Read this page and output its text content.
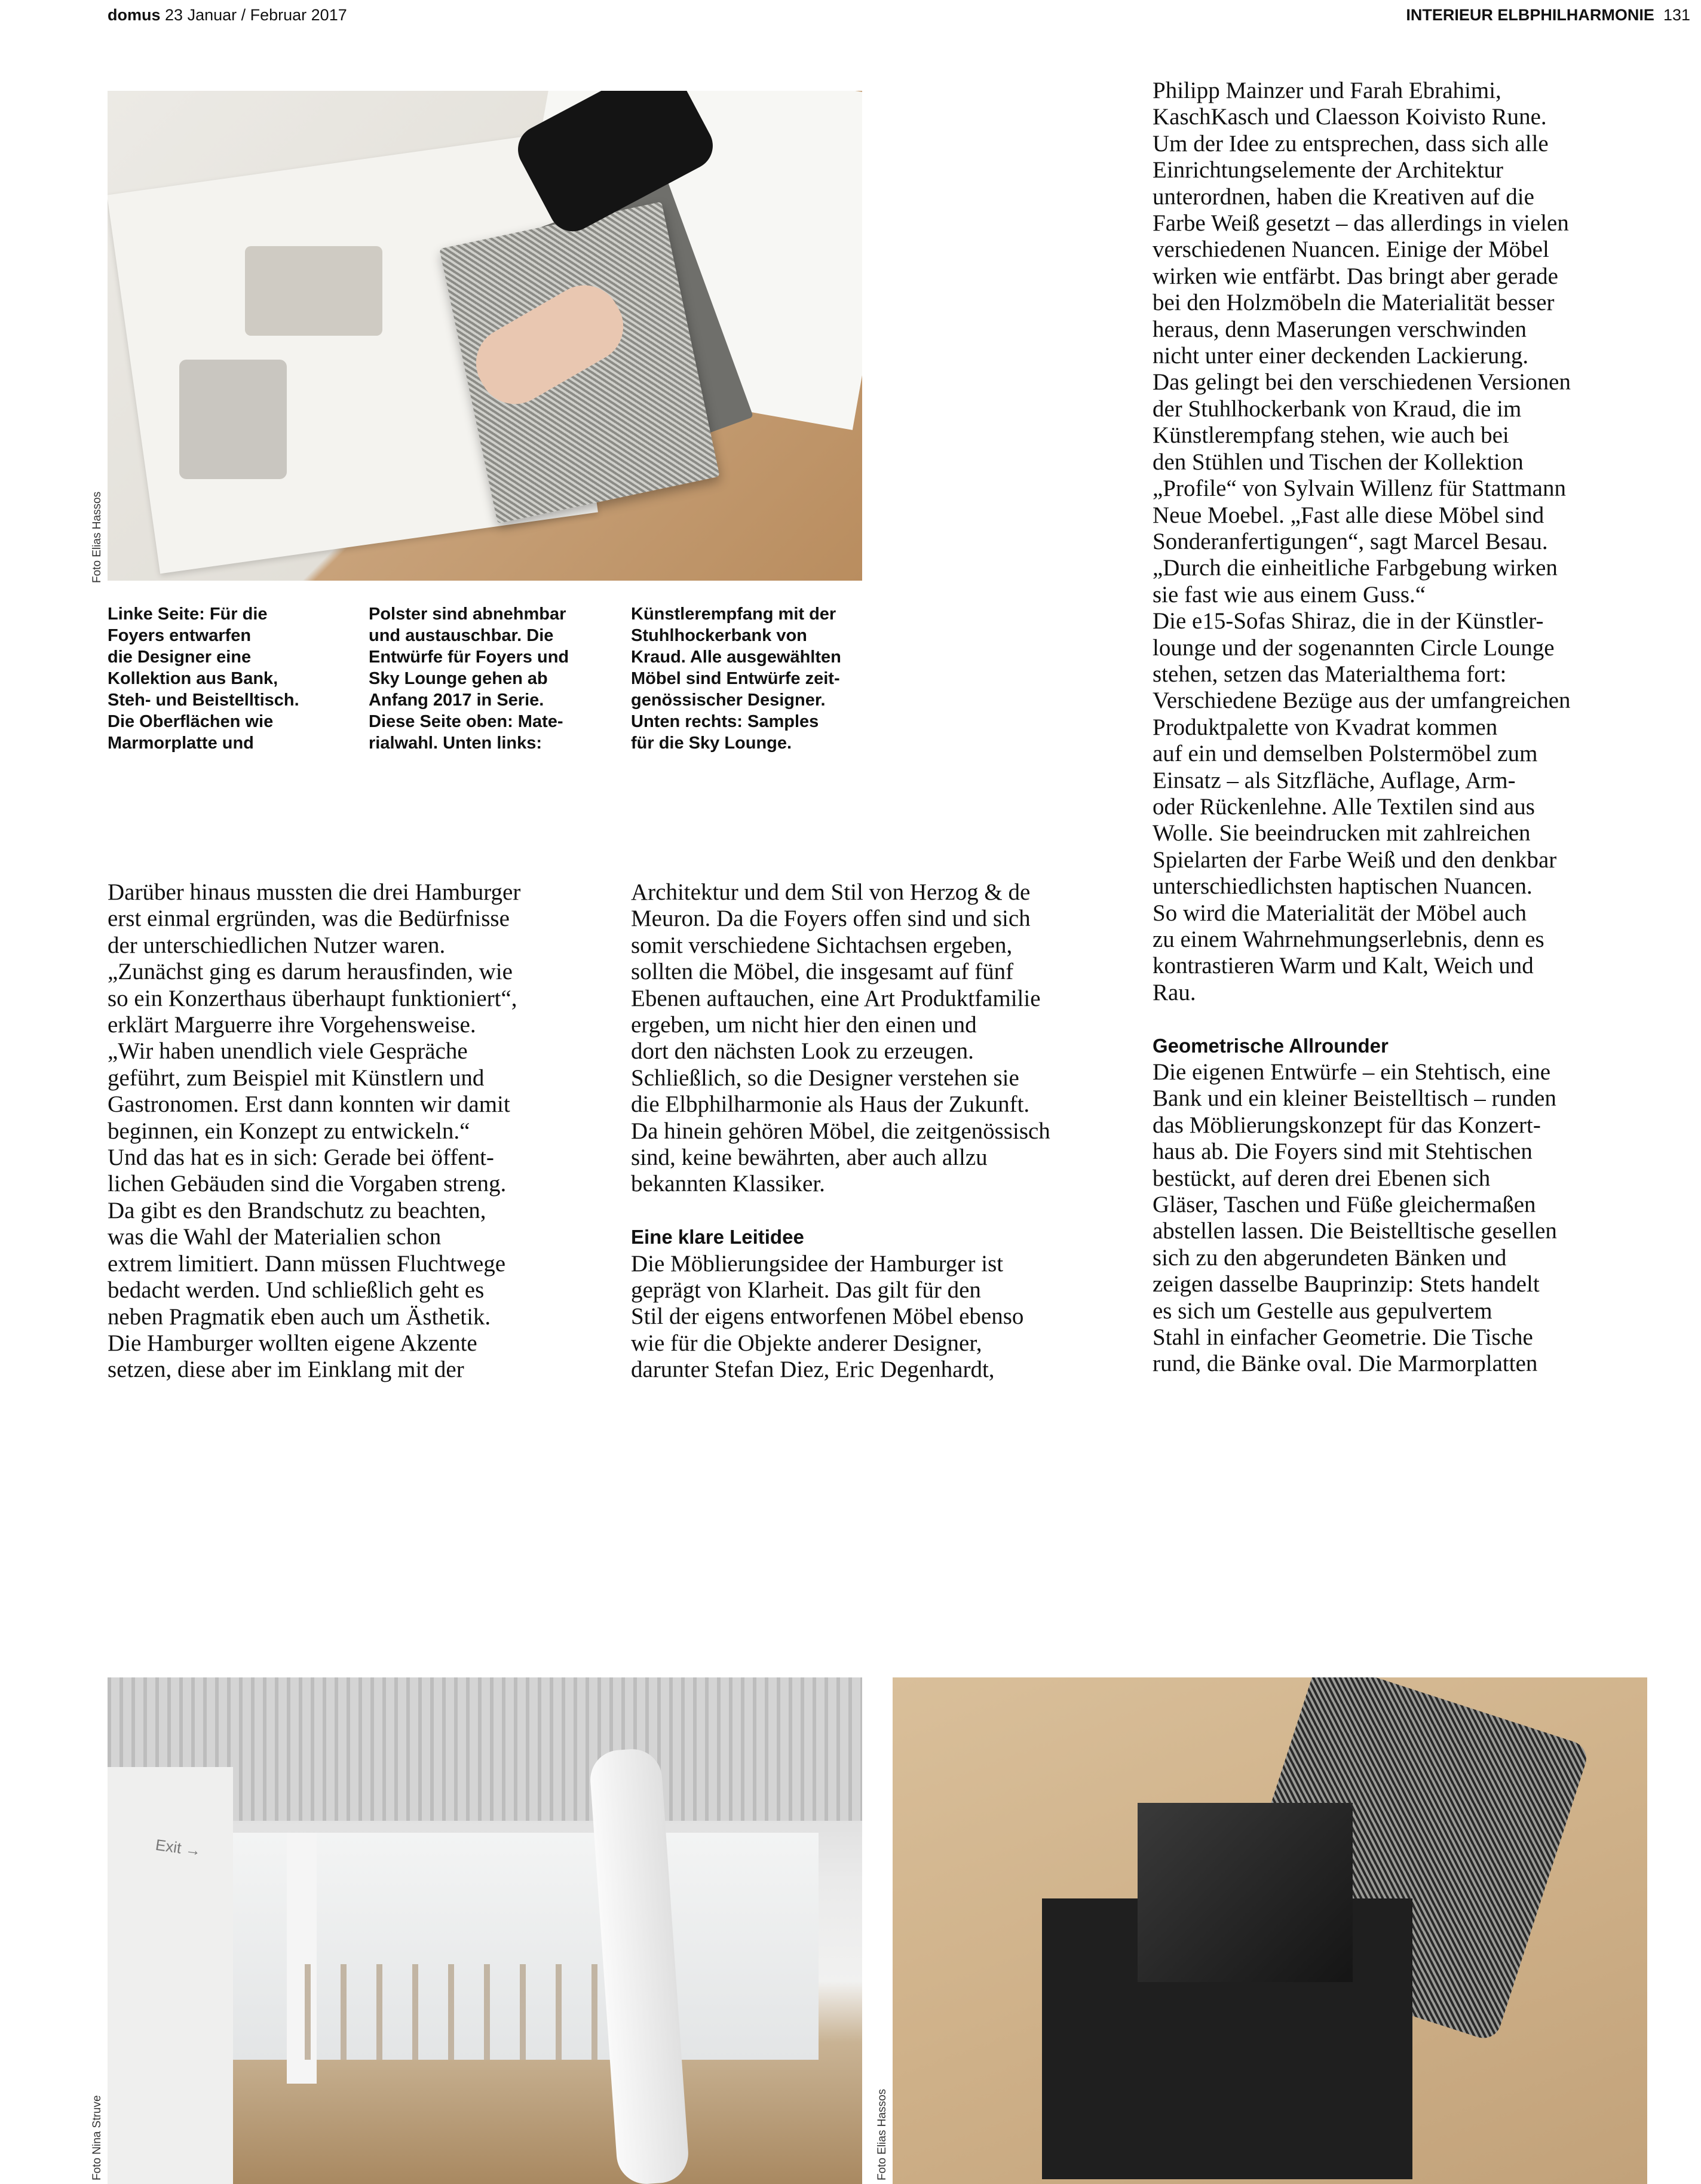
domus 23 Januar / Februar 2017	INTERIEUR ELBPHILHARMONIE 131
Foto Elias Hassos
Linke Seite: Für die
Foyers entwarfen
die Designer eine
Kollektion aus Bank,
Steh- und Beistelltisch.
Die Oberflächen wie
Marmorplatte und
Polster sind abnehmbar
und austauschbar. Die
Entwürfe für Foyers und
Sky Lounge gehen ab
Anfang 2017 in Serie.
Diese Seite oben: Mate-
rialwahl. Unten links:
Künstlerempfang mit der
Stuhlhockerbank von
Kraud. Alle ausgewählten
Möbel sind Entwürfe zeit-
genössischer Designer.
Unten rechts: Samples
für die Sky Lounge.

Darüber hinaus mussten die drei Hamburger

erst einmal ergründen, was die Bedürfnisse

der unterschiedlichen Nutzer waren.

„Zunächst ging es darum herausfinden, wie

so ein Konzerthaus überhaupt funktioniert“,

erklärt Marguerre ihre Vorgehensweise.

„Wir haben unendlich viele Gespräche

geführt, zum Beispiel mit Künstlern und

Gastronomen. Erst dann konnten wir damit

beginnen, ein Konzept zu entwickeln.“

Und das hat es in sich: Gerade bei öffent-

lichen Gebäuden sind die Vorgaben streng.

Da gibt es den Brandschutz zu beachten,

was die Wahl der Materialien schon

extrem limitiert. Dann müssen Fluchtwege

bedacht werden. Und schließlich geht es

neben Pragmatik eben auch um Ästhetik.

Die Hamburger wollten eigene Akzente

setzen, diese aber im Einklang mit der

Architektur und dem Stil von Herzog & de

Meuron. Da die Foyers offen sind und sich

somit verschiedene Sichtachsen ergeben,

sollten die Möbel, die insgesamt auf fünf

Ebenen auftauchen, eine Art Produktfamilie

ergeben, um nicht hier den einen und

dort den nächsten Look zu erzeugen.

Schließlich, so die Designer verstehen sie

die Elbphilharmonie als Haus der Zukunft.

Da hinein gehören Möbel, die zeitgenössisch

sind, keine bewährten, aber auch allzu

bekannten Klassiker.

Eine klare Leitidee

Die Möblierungsidee der Hamburger ist

geprägt von Klarheit. Das gilt für den

Stil der eigens entworfenen Möbel ebenso

wie für die Objekte anderer Designer,

darunter Stefan Diez, Eric Degenhardt,

Philipp Mainzer und Farah Ebrahimi,

KaschKasch und Claesson Koivisto Rune.

Um der Idee zu entsprechen, dass sich alle

Einrichtungselemente der Architektur

unterordnen, haben die Kreativen auf die

Farbe Weiß gesetzt – das allerdings in vielen

verschiedenen Nuancen. Einige der Möbel

wirken wie entfärbt. Das bringt aber gerade

bei den Holzmöbeln die Materialität besser

heraus, denn Maserungen verschwinden

nicht unter einer deckenden Lackierung.

Das gelingt bei den verschiedenen Versionen

der Stuhlhockerbank von Kraud, die im

Künstlerempfang stehen, wie auch bei

den Stühlen und Tischen der Kollektion

„Profile“ von Sylvain Willenz für Stattmann

Neue Moebel. „Fast alle diese Möbel sind

Sonderanfertigungen“, sagt Marcel Besau.

„Durch die einheitliche Farbgebung wirken

sie fast wie aus einem Guss.“

Die e15-Sofas Shiraz, die in der Künstler-

lounge und der sogenannten Circle Lounge

stehen, setzen das Materialthema fort:

Verschiedene Bezüge aus der umfangreichen

Produktpalette von Kvadrat kommen

auf ein und demselben Polstermöbel zum

Einsatz – als Sitzfläche, Auflage, Arm-

oder Rückenlehne. Alle Textilen sind aus

Wolle. Sie beeindrucken mit zahlreichen

Spielarten der Farbe Weiß und den denkbar

unterschiedlichsten haptischen Nuancen.

So wird die Materialität der Möbel auch

zu einem Wahrnehmungserlebnis, denn es

kontrastieren Warm und Kalt, Weich und

Rau.

Geometrische Allrounder

Die eigenen Entwürfe – ein Stehtisch, eine

Bank und ein kleiner Beistelltisch – runden

das Möblierungskonzept für das Konzert-

haus ab. Die Foyers sind mit Stehtischen

bestückt, auf deren drei Ebenen sich

Gläser, Taschen und Füße gleichermaßen

abstellen lassen. Die Beistelltische gesellen

sich zu den abgerundeten Bänken und

zeigen dasselbe Bauprinzip: Stets handelt

es sich um Gestelle aus gepulvertem

Stahl in einfacher Geometrie. Die Tische

rund, die Bänke oval. Die Marmorplatten

Exit →
Foto Nina Struve	Foto Elias Hassos
